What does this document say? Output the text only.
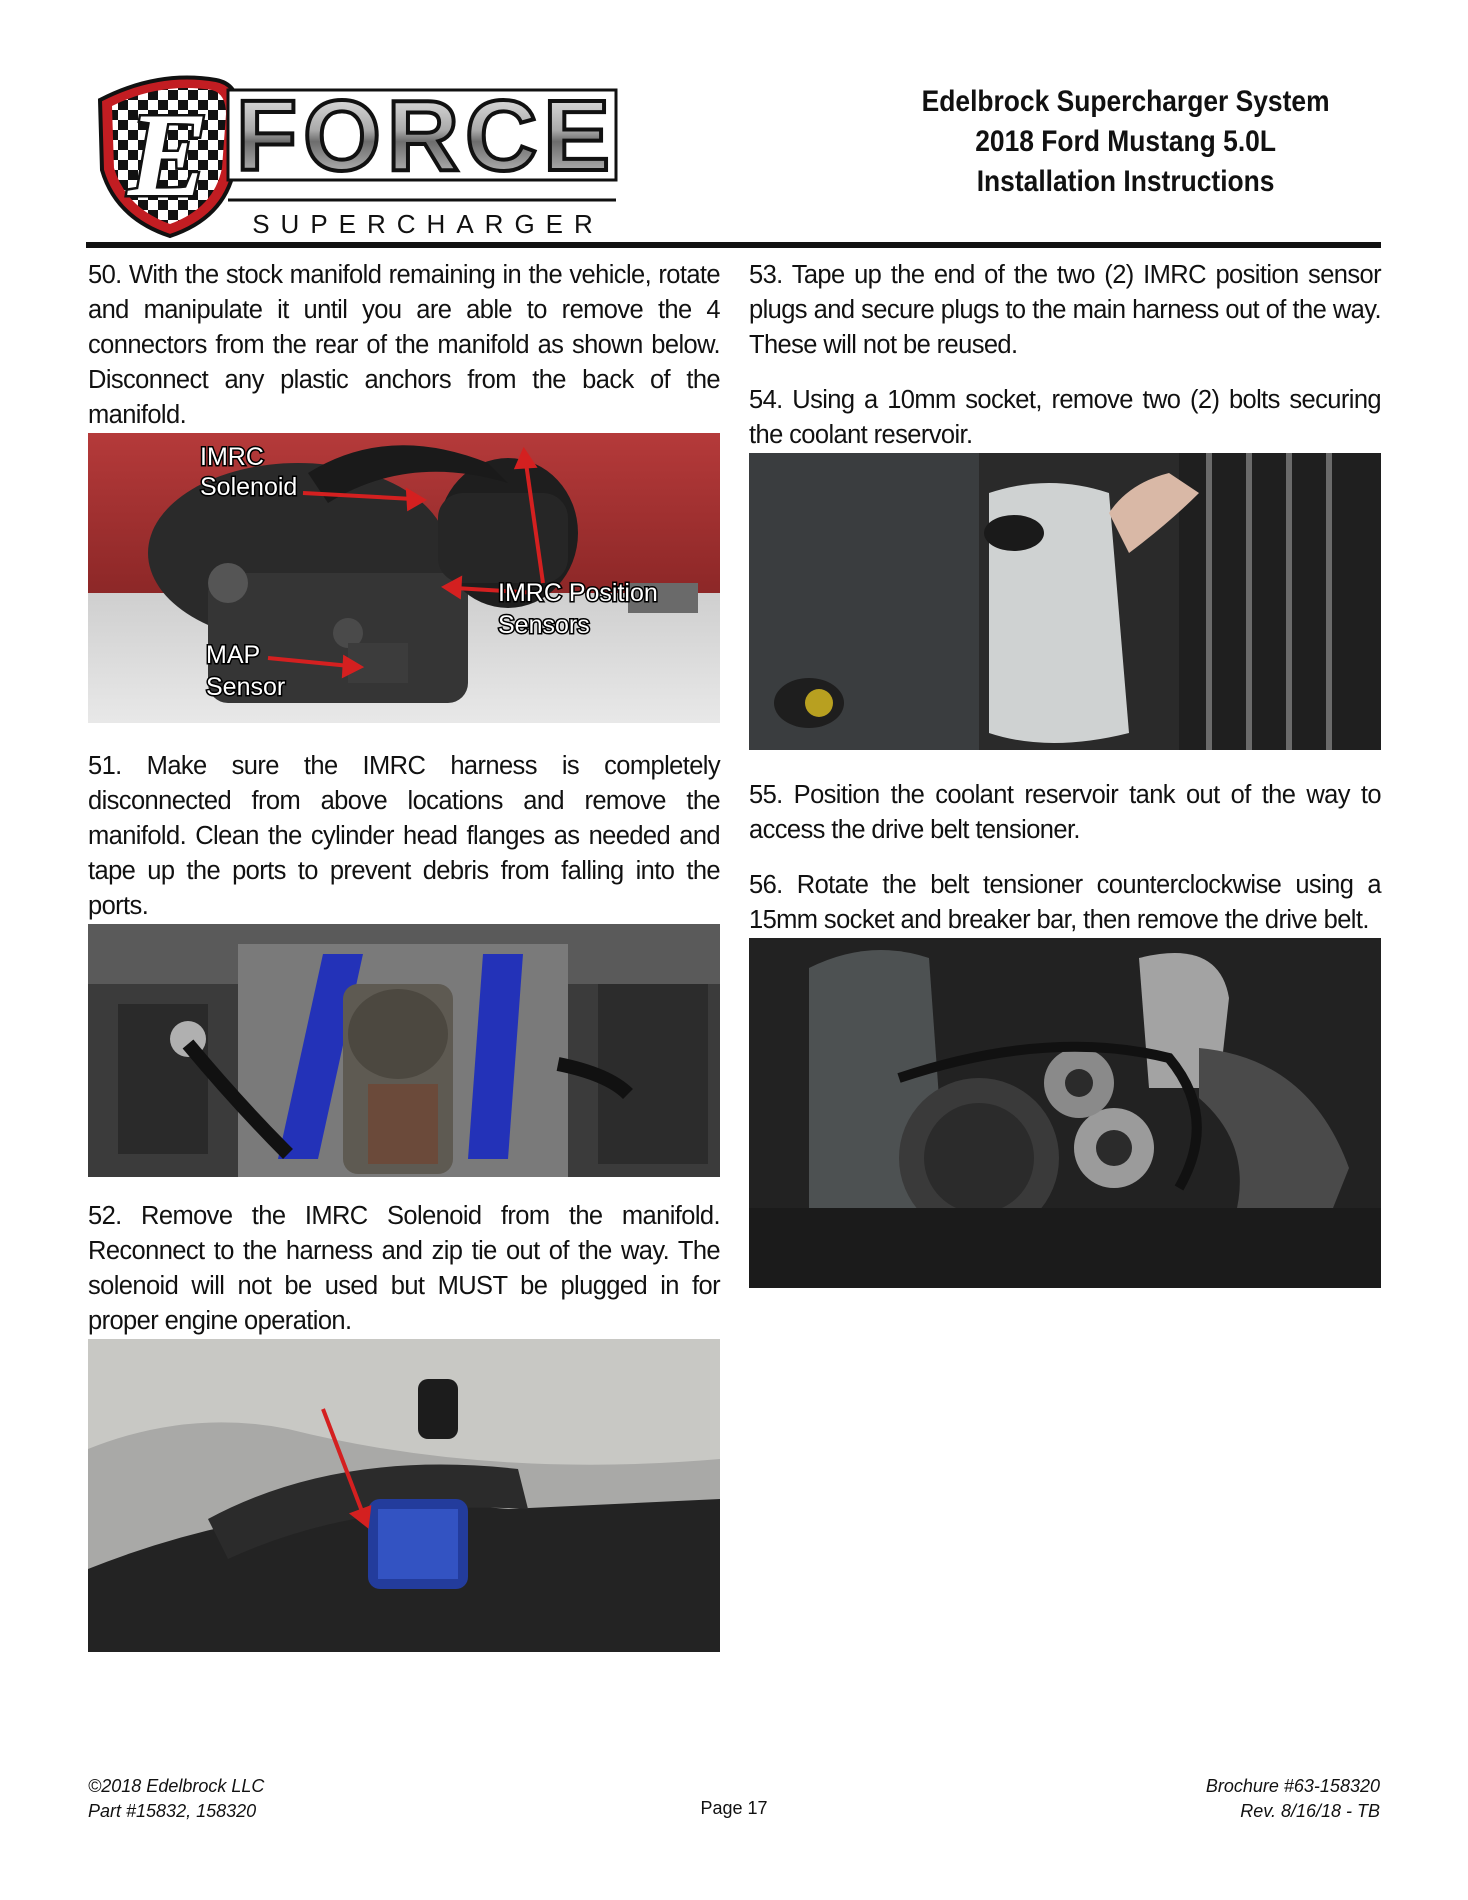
E FORCE
SUPERCHARGER
Edelbrock Supercharger System
2018 Ford Mustang 5.0L
Installation Instructions

50. With the stock manifold remaining in the vehicle, rotate and manipulate it until you are able to remove the 4 connectors from the rear of the manifold as shown below. Disconnect any plastic anchors from the back of the manifold.

IMRC
Solenoid
IMRC Position
Sensors
MAP
Sensor

51. Make sure the IMRC harness is completely disconnected from above locations and remove the manifold. Clean the cylinder head flanges as needed and tape up the ports to prevent debris from falling into the ports.

52. Remove the IMRC Solenoid from the manifold. Reconnect to the harness and zip tie out of the way. The solenoid will not be used but MUST be plugged in for proper engine operation.

53. Tape up the end of the two (2) IMRC position sensor plugs and secure plugs to the main harness out of the way. These will not be reused.

54. Using a 10mm socket, remove two (2) bolts securing the coolant reservoir.

55. Position the coolant reservoir tank out of the way to access the drive belt tensioner.

56. Rotate the belt tensioner counterclockwise using a 15mm socket and breaker bar, then remove the drive belt.

©2018 Edelbrock LLC
Part #15832, 158320	Page 17
Brochure #63-158320
Rev. 8/16/18 - TB
